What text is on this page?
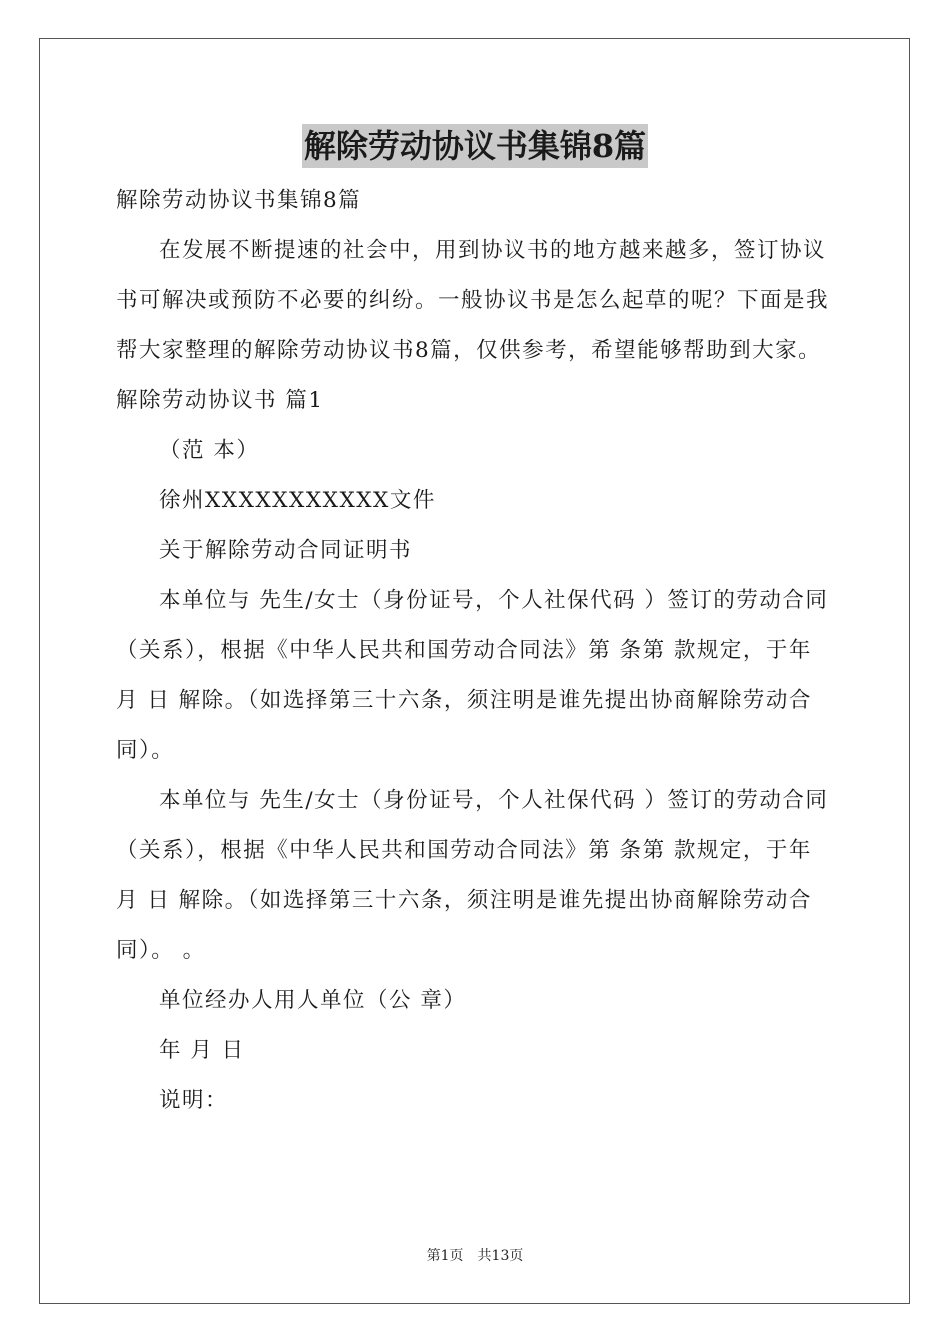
解除劳动协议书集锦8篇

解除劳动协议书集锦8篇

在发展不断提速的社会中，用到协议书的地方越来越多，签订协议书可解决或预防不必要的纠纷。一般协议书是怎么起草的呢？下面是我帮大家整理的解除劳动协议书8篇，仅供参考，希望能够帮助到大家。

解除劳动协议书 篇1

（范 本）

徐州XXXXXXXXXXX文件

关于解除劳动合同证明书

本单位与 先生/女士（身份证号，个人社保代码 ）签订的劳动合同（关系），根据《中华人民共和国劳动合同法》第 条第 款规定，于年 月 日 解除。（如选择第三十六条，须注明是谁先提出协商解除劳动合同）。

本单位与 先生/女士（身份证号，个人社保代码 ）签订的劳动合同（关系），根据《中华人民共和国劳动合同法》第 条第 款规定，于年 月 日 解除。（如选择第三十六条，须注明是谁先提出协商解除劳动合同）。 。

单位经办人用人单位（公 章）

年 月 日

说明：

第1页　共13页
